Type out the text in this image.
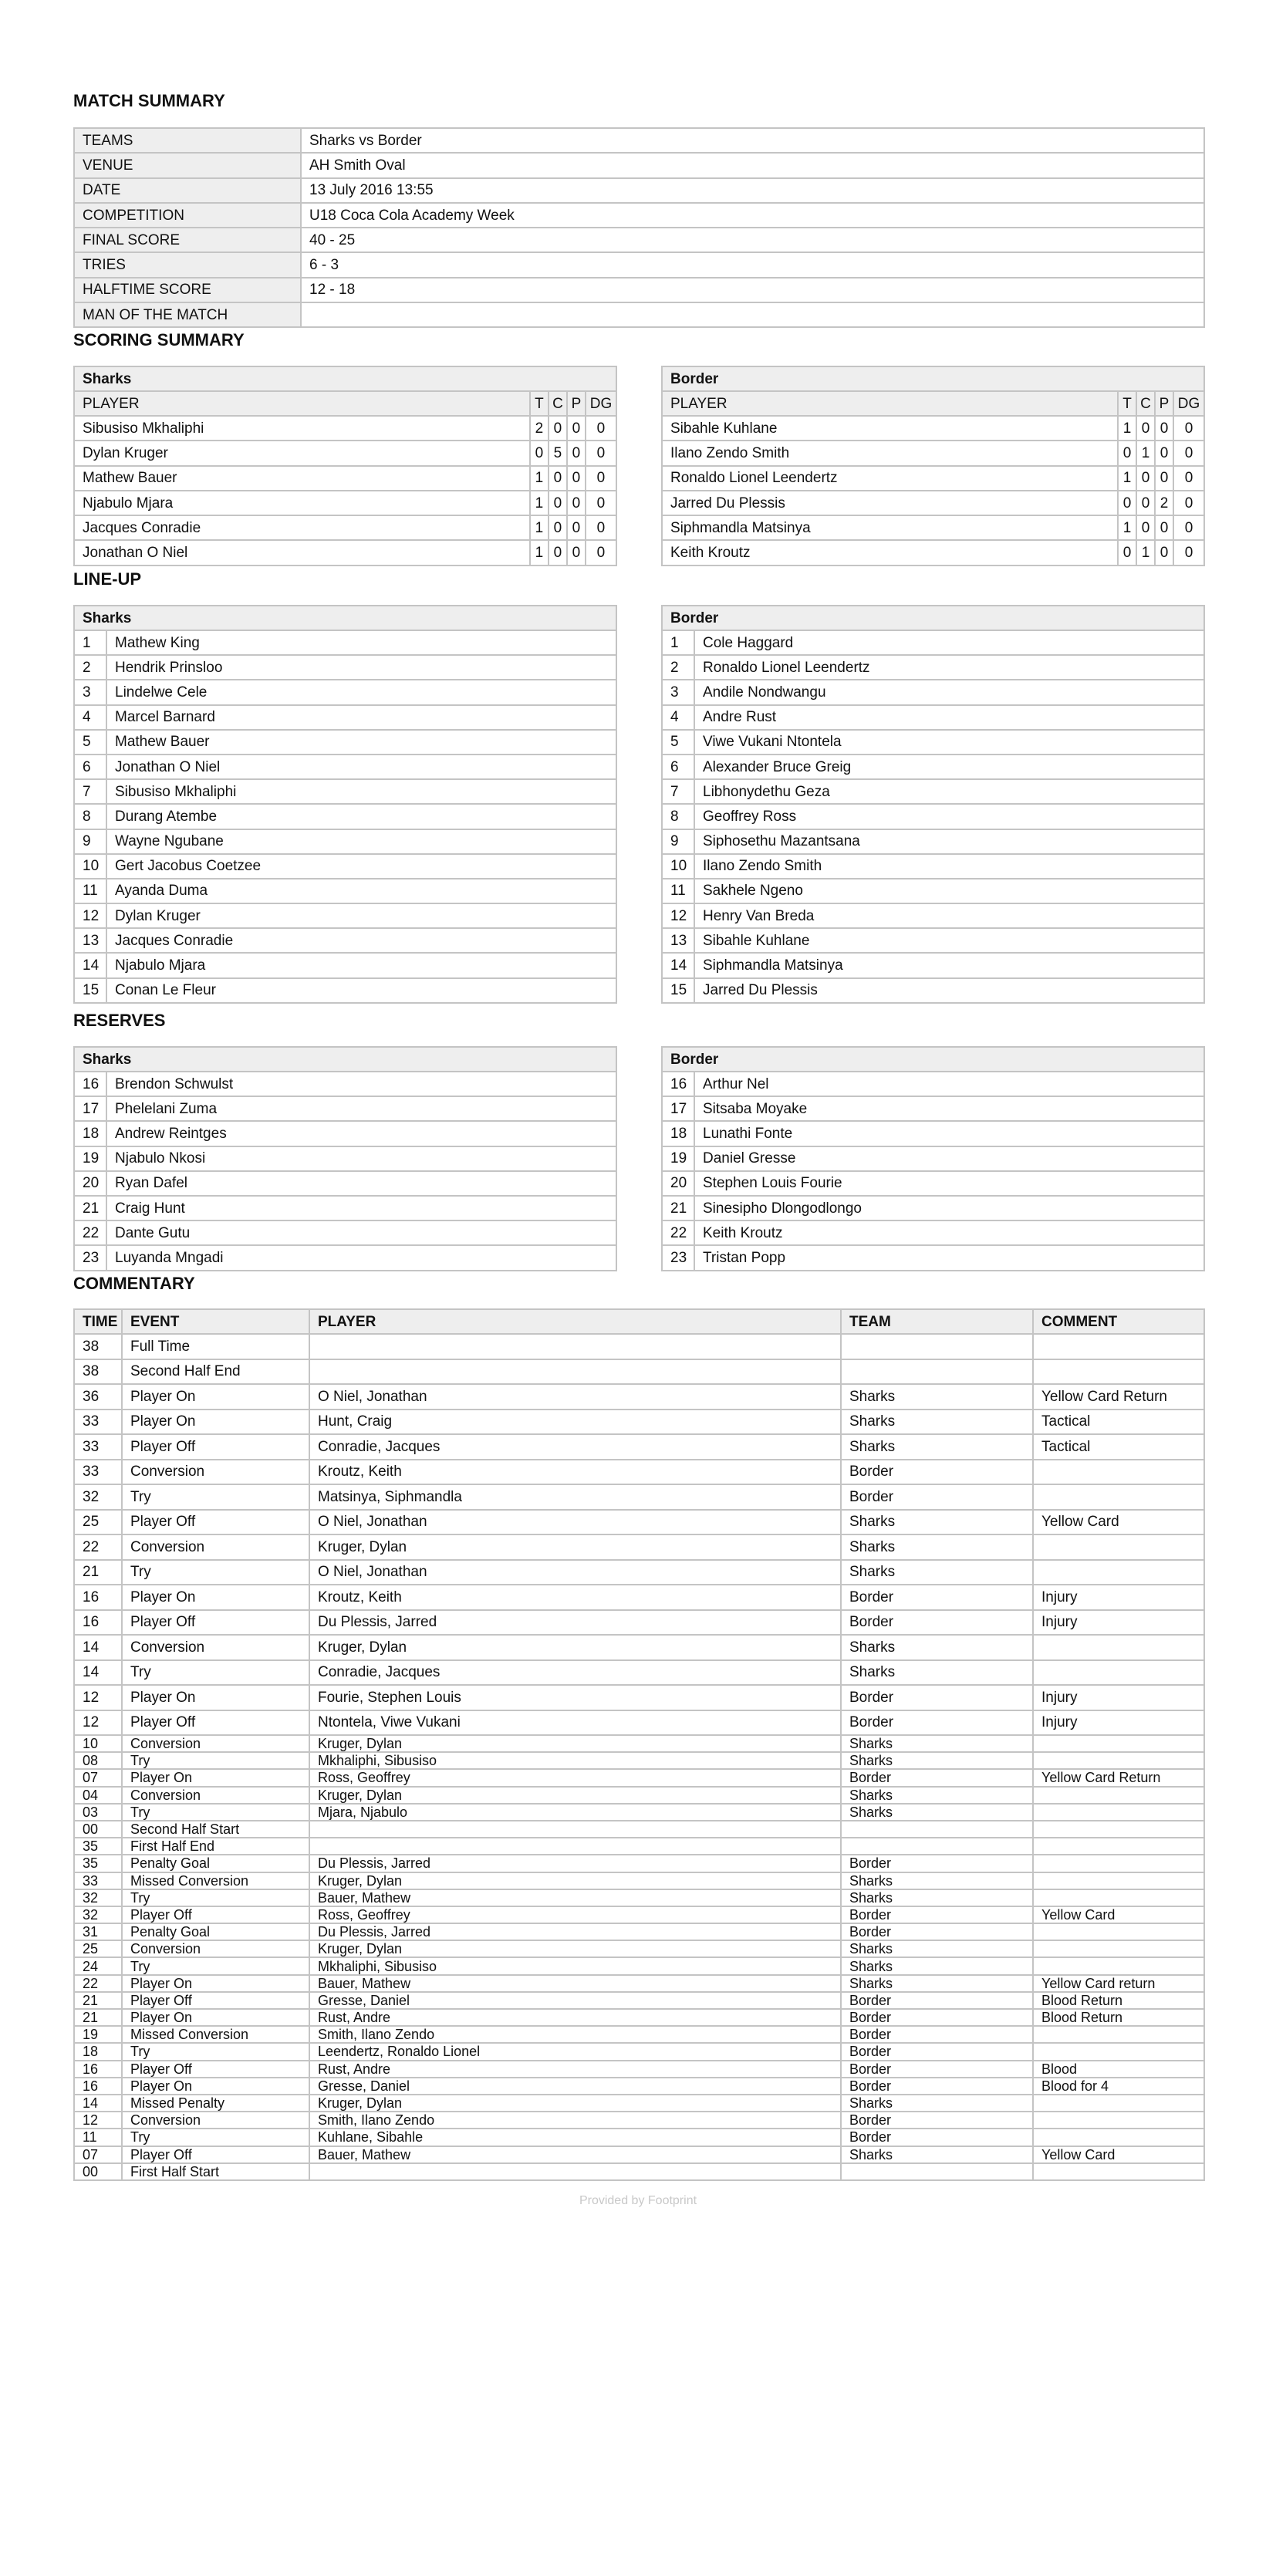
MATCH SUMMARY
TEAMS	Sharks vs Border
VENUE	AH Smith Oval
DATE	13 July 2016 13:55
COMPETITION	U18 Coca Cola Academy Week
FINAL SCORE	40 - 25
TRIES	6 - 3
HALFTIME SCORE	12 - 18
MAN OF THE MATCH	
SCORING SUMMARY
Sharks				
PLAYER	T	C	P	DG
Sibusiso Mkhaliphi	2	0	0	0
Dylan Kruger	0	5	0	0
Mathew Bauer	1	0	0	0
Njabulo Mjara	1	0	0	0
Jacques Conradie	1	0	0	0
Jonathan O Niel	1	0	0	0
Border				
PLAYER	T	C	P	DG
Sibahle Kuhlane	1	0	0	0
Ilano Zendo Smith	0	1	0	0
Ronaldo Lionel Leendertz	1	0	0	0
Jarred Du Plessis	0	0	2	0
Siphmandla Matsinya	1	0	0	0
Keith Kroutz	0	1	0	0
LINE-UP
Sharks	
1	Mathew King
2	Hendrik Prinsloo
3	Lindelwe Cele
4	Marcel Barnard
5	Mathew Bauer
6	Jonathan O Niel
7	Sibusiso Mkhaliphi
8	Durang Atembe
9	Wayne Ngubane
10	Gert Jacobus Coetzee
11	Ayanda Duma
12	Dylan Kruger
13	Jacques Conradie
14	Njabulo Mjara
15	Conan Le Fleur
Border	
1	Cole Haggard
2	Ronaldo Lionel Leendertz
3	Andile Nondwangu
4	Andre Rust
5	Viwe Vukani Ntontela
6	Alexander Bruce Greig
7	Libhonydethu Geza
8	Geoffrey Ross
9	Siphosethu Mazantsana
10	Ilano Zendo Smith
11	Sakhele Ngeno
12	Henry Van Breda
13	Sibahle Kuhlane
14	Siphmandla Matsinya
15	Jarred Du Plessis
RESERVES
Sharks	
16	Brendon Schwulst
17	Phelelani Zuma
18	Andrew Reintges
19	Njabulo Nkosi
20	Ryan Dafel
21	Craig Hunt
22	Dante Gutu
23	Luyanda Mngadi
Border	
16	Arthur Nel
17	Sitsaba Moyake
18	Lunathi Fonte
19	Daniel Gresse
20	Stephen Louis Fourie
21	Sinesipho Dlongodlongo
22	Keith Kroutz
23	Tristan Popp
COMMENTARY
TIME	EVENT	PLAYER	TEAM	COMMENT
38	Full Time			
38	Second Half End			
36	Player On	O Niel, Jonathan	Sharks	Yellow Card Return
33	Player On	Hunt, Craig	Sharks	Tactical
33	Player Off	Conradie, Jacques	Sharks	Tactical
33	Conversion	Kroutz, Keith	Border	
32	Try	Matsinya, Siphmandla	Border	
25	Player Off	O Niel, Jonathan	Sharks	Yellow Card
22	Conversion	Kruger, Dylan	Sharks	
21	Try	O Niel, Jonathan	Sharks	
16	Player On	Kroutz, Keith	Border	Injury
16	Player Off	Du Plessis, Jarred	Border	Injury
14	Conversion	Kruger, Dylan	Sharks	
14	Try	Conradie, Jacques	Sharks	
12	Player On	Fourie, Stephen Louis	Border	Injury
12	Player Off	Ntontela, Viwe Vukani	Border	Injury
10	Conversion	Kruger, Dylan	Sharks	
08	Try	Mkhaliphi, Sibusiso	Sharks	
07	Player On	Ross, Geoffrey	Border	Yellow Card Return
04	Conversion	Kruger, Dylan	Sharks	
03	Try	Mjara, Njabulo	Sharks	
00	Second Half Start			
35	First Half End			
35	Penalty Goal	Du Plessis, Jarred	Border	
33	Missed Conversion	Kruger, Dylan	Sharks	
32	Try	Bauer, Mathew	Sharks	
32	Player Off	Ross, Geoffrey	Border	Yellow Card
31	Penalty Goal	Du Plessis, Jarred	Border	
25	Conversion	Kruger, Dylan	Sharks	
24	Try	Mkhaliphi, Sibusiso	Sharks	
22	Player On	Bauer, Mathew	Sharks	Yellow Card return
21	Player Off	Gresse, Daniel	Border	Blood Return
21	Player On	Rust, Andre	Border	Blood Return
19	Missed Conversion	Smith, Ilano Zendo	Border	
18	Try	Leendertz, Ronaldo Lionel	Border	
16	Player Off	Rust, Andre	Border	Blood
16	Player On	Gresse, Daniel	Border	Blood for 4
14	Missed Penalty	Kruger, Dylan	Sharks	
12	Conversion	Smith, Ilano Zendo	Border	
11	Try	Kuhlane, Sibahle	Border	
07	Player Off	Bauer, Mathew	Sharks	Yellow Card
00	First Half Start			
Provided by Footprint
